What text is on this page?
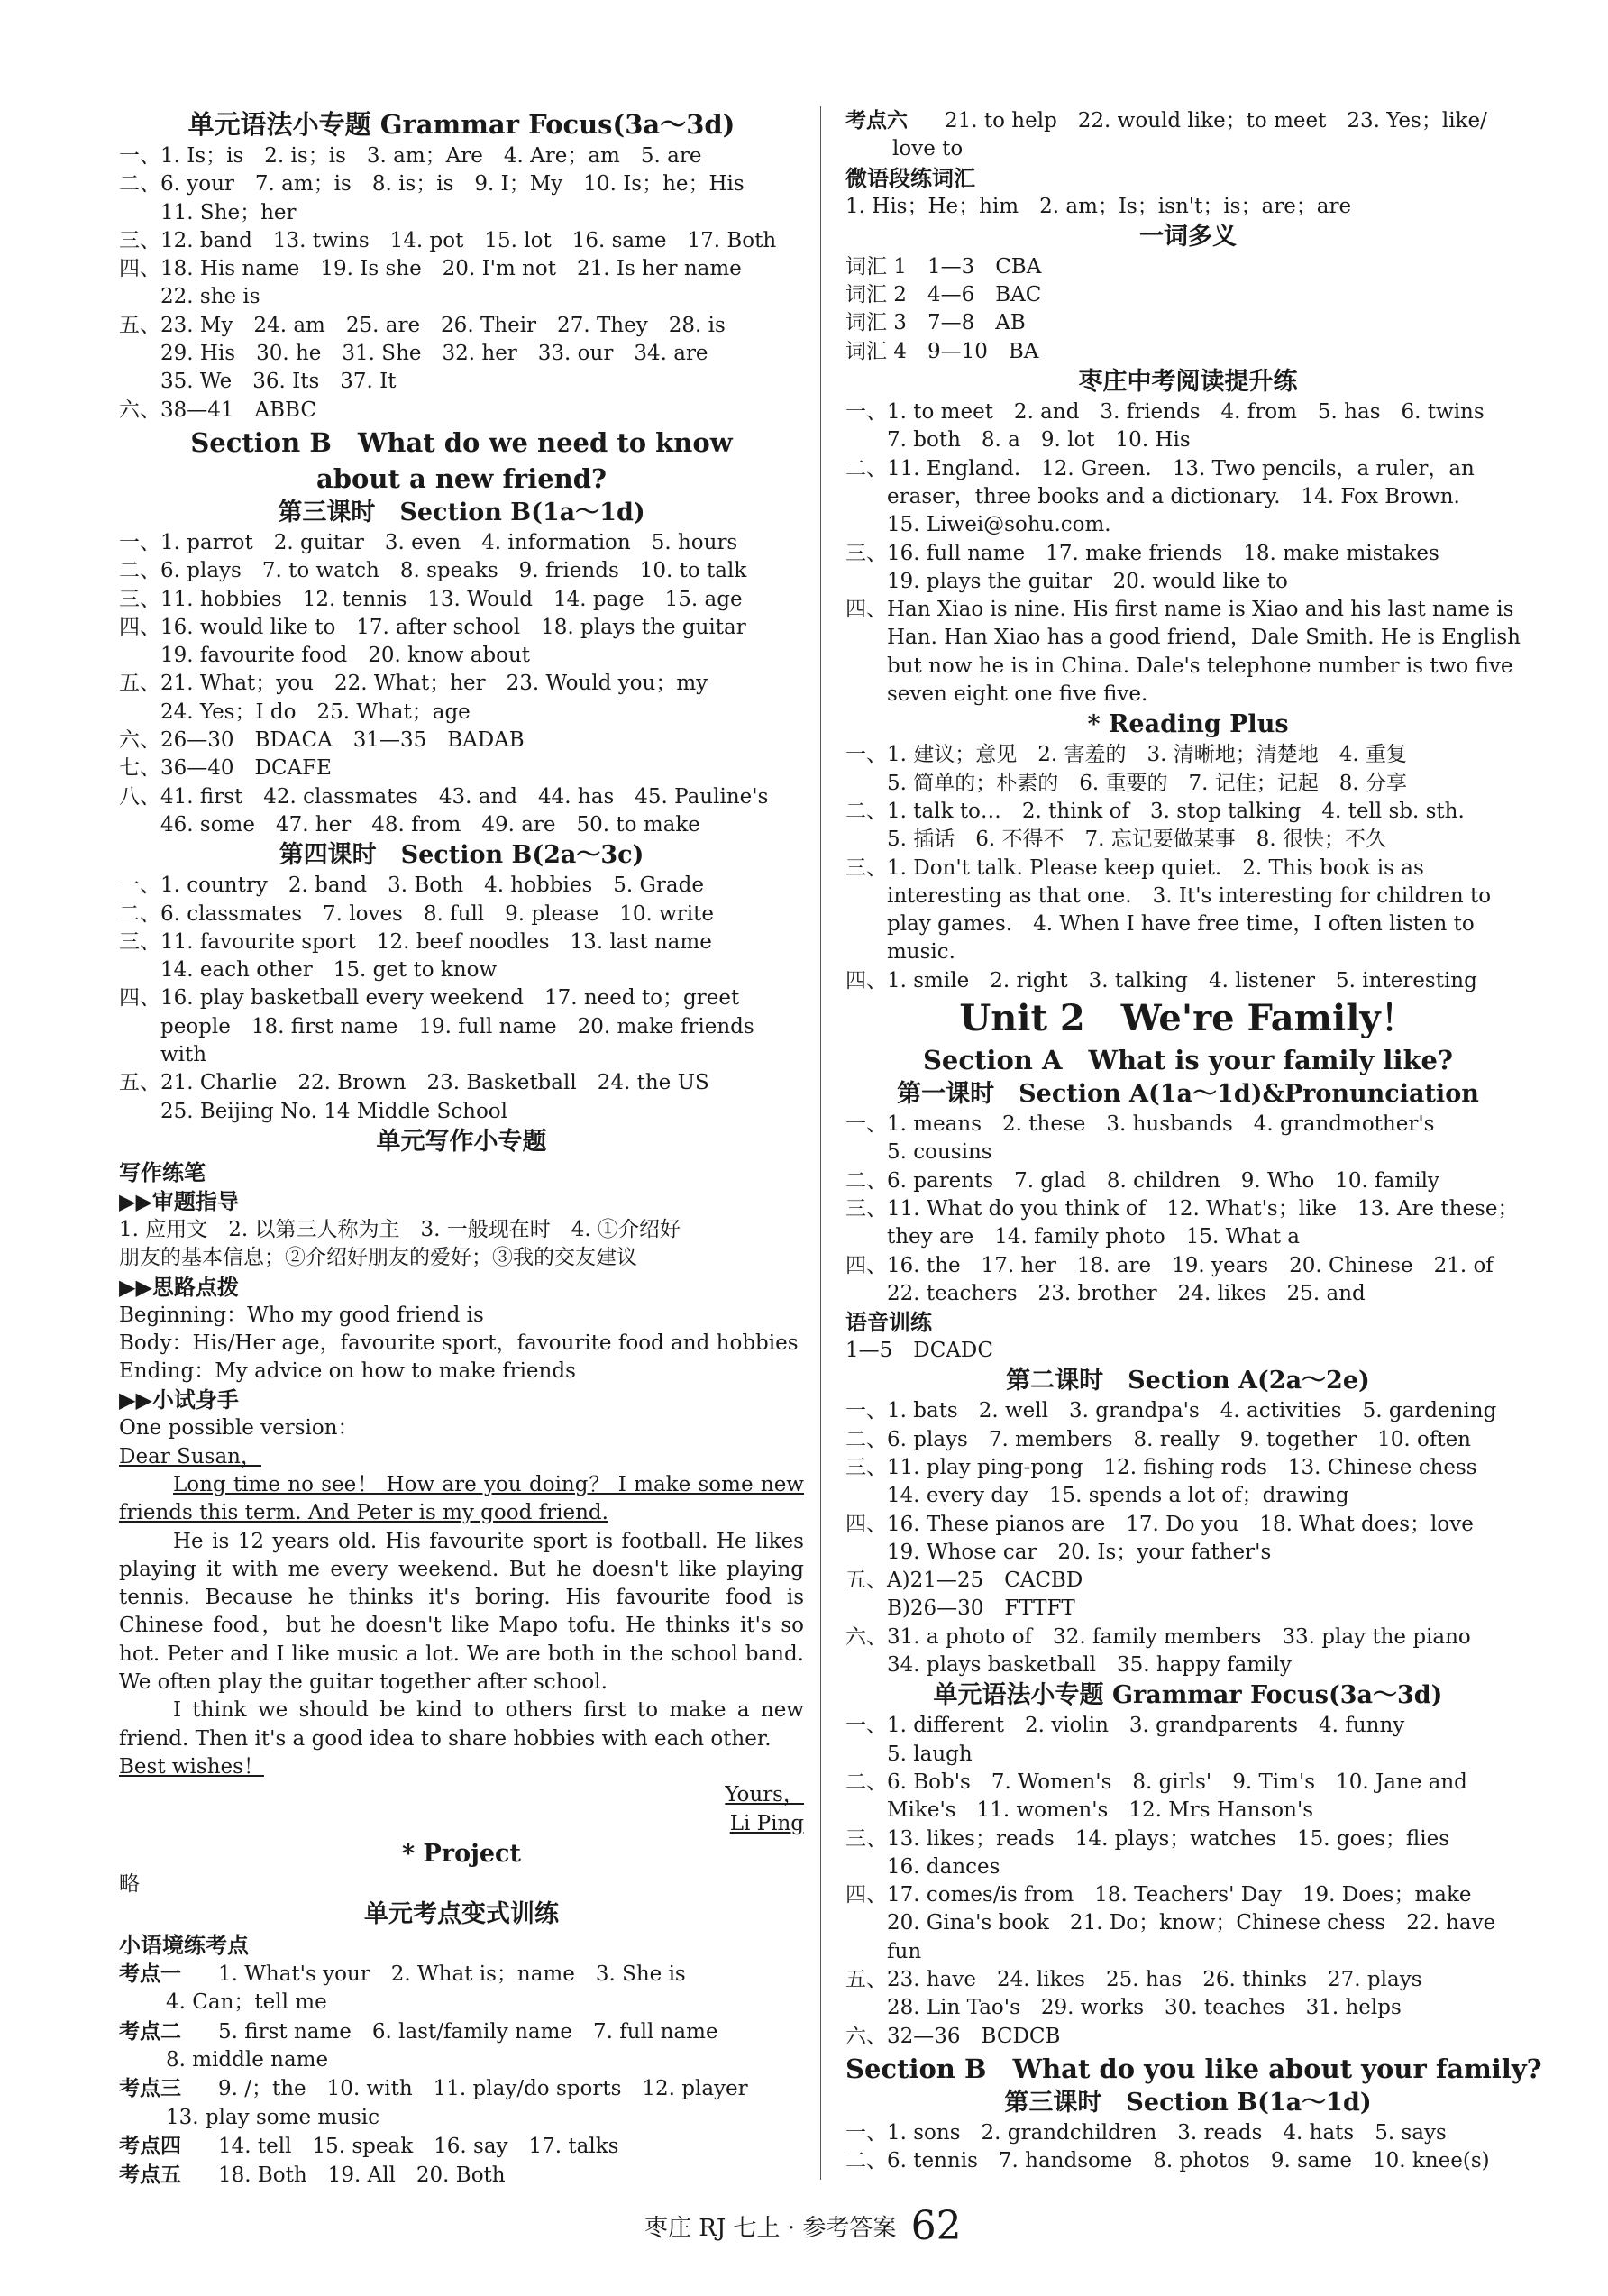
单元语法小专题 Grammar Focus(3a～3d)
一、1. Is；is　2. is；is　3. am；Are　4. Are；am　5. are
二、6. your　7. am；is　8. is；is　9. I；My　10. Is；he；His
11. She；her
三、12. band　13. twins　14. pot　15. lot　16. same　17. Both
四、18. His name　19. Is she　20. I'm not　21. Is her name
22. she is
五、23. My　24. am　25. are　26. Their　27. They　28. is
29. His　30. he　31. She　32. her　33. our　34. are
35. We　36. Its　37. It
六、38—41　ABBC
Section B　What do we need to know
about a new friend?
第三课时　Section B(1a～1d)
一、1. parrot　2. guitar　3. even　4. information　5. hours
二、6. plays　7. to watch　8. speaks　9. friends　10. to talk
三、11. hobbies　12. tennis　13. Would　14. page　15. age
四、16. would like to　17. after school　18. plays the guitar
19. favourite food　20. know about
五、21. What；you　22. What；her　23. Would you；my
24. Yes；I do　25. What；age
六、26—30　BDACA　31—35　BADAB
七、36—40　DCAFE
八、41. first　42. classmates　43. and　44. has　45. Pauline's
46. some　47. her　48. from　49. are　50. to make
第四课时　Section B(2a～3c)
一、1. country　2. band　3. Both　4. hobbies　5. Grade
二、6. classmates　7. loves　8. full　9. please　10. write
三、11. favourite sport　12. beef noodles　13. last name
14. each other　15. get to know
四、16. play basketball every weekend　17. need to；greet
people　18. first name　19. full name　20. make friends
with
五、21. Charlie　22. Brown　23. Basketball　24. the US
25. Beijing No. 14 Middle School
单元写作小专题
写作练笔
▶▶审题指导
1. 应用文　2. 以第三人称为主　3. 一般现在时　4. ①介绍好
朋友的基本信息；②介绍好朋友的爱好；③我的交友建议
▶▶思路点拨
Beginning：Who my good friend is
Body：His/Her age，favourite sport，favourite food and hobbies
Ending：My advice on how to make friends
▶▶小试身手
One possible version：
Dear Susan，
Long time no see！ How are you doing？ I make some new friends this term. And Peter is my good friend.
He is 12 years old. His favourite sport is football. He likes playing it with me every weekend. But he doesn't like playing tennis. Because he thinks it's boring. His favourite food is Chinese food，but he doesn't like Mapo tofu. He thinks it's so hot. Peter and I like music a lot. We are both in the school band. We often play the guitar together after school.
I think we should be kind to others first to make a new friend. Then it's a good idea to share hobbies with each other.
Best wishes！
Yours，
Li Ping
* Project
略
单元考点变式训练
小语境练考点
考点一 1. What's your　2. What is；name　3. She is
4. Can；tell me
考点二 5. first name　6. last/family name　7. full name
8. middle name
考点三 9. /；the　10. with　11. play/do sports　12. player
13. play some music
考点四 14. tell　15. speak　16. say　17. talks
考点五 18. Both　19. All　20. Both
考点六 21. to help　22. would like；to meet　23. Yes；like/
love to
微语段练词汇
1. His；He；him　2. am；Is；isn't；is；are；are
一词多义
词汇 1　1—3　CBA
词汇 2　4—6　BAC
词汇 3　7—8　AB
词汇 4　9—10　BA
枣庄中考阅读提升练
一、1. to meet　2. and　3. friends　4. from　5. has　6. twins
7. both　8. a　9. lot　10. His
二、11. England.　12. Green.　13. Two pencils，a ruler，an
eraser，three books and a dictionary.　14. Fox Brown.
15. Liwei@sohu.com.
三、16. full name　17. make friends　18. make mistakes
19. plays the guitar　20. would like to
四、Han Xiao is nine. His first name is Xiao and his last name is
Han. Han Xiao has a good friend，Dale Smith. He is English
but now he is in China. Dale's telephone number is two five
seven eight one five five.
* Reading Plus
一、1. 建议；意见　2. 害羞的　3. 清晰地；清楚地　4. 重复
5. 简单的；朴素的　6. 重要的　7. 记住；记起　8. 分享
二、1. talk to…　2. think of　3. stop talking　4. tell sb. sth.
5. 插话　6. 不得不　7. 忘记要做某事　8. 很快；不久
三、1. Don't talk. Please keep quiet.　2. This book is as
interesting as that one.　3. It's interesting for children to
play games.　4. When I have free time，I often listen to
music.
四、1. smile　2. right　3. talking　4. listener　5. interesting
Unit 2　We're Family！
Section A　What is your family like?
第一课时　Section A(1a～1d)&Pronunciation
一、1. means　2. these　3. husbands　4. grandmother's
5. cousins
二、6. parents　7. glad　8. children　9. Who　10. family
三、11. What do you think of　12. What's；like　13. Are these；
they are　14. family photo　15. What a
四、16. the　17. her　18. are　19. years　20. Chinese　21. of
22. teachers　23. brother　24. likes　25. and
语音训练
1—5　DCADC
第二课时　Section A(2a～2e)
一、1. bats　2. well　3. grandpa's　4. activities　5. gardening
二、6. plays　7. members　8. really　9. together　10. often
三、11. play ping-pong　12. fishing rods　13. Chinese chess
14. every day　15. spends a lot of；drawing
四、16. These pianos are　17. Do you　18. What does；love
19. Whose car　20. Is；your father's
五、A)21—25　CACBD
B)26—30　FTTFT
六、31. a photo of　32. family members　33. play the piano
34. plays basketball　35. happy family
单元语法小专题 Grammar Focus(3a～3d)
一、1. different　2. violin　3. grandparents　4. funny
5. laugh
二、6. Bob's　7. Women's　8. girls'　9. Tim's　10. Jane and
Mike's　11. women's　12. Mrs Hanson's
三、13. likes；reads　14. plays；watches　15. goes；flies
16. dances
四、17. comes/is from　18. Teachers' Day　19. Does；make
20. Gina's book　21. Do；know；Chinese chess　22. have
fun
五、23. have　24. likes　25. has　26. thinks　27. plays
28. Lin Tao's　29. works　30. teaches　31. helps
六、32—36　BCDCB
Section B　What do you like about your family?
第三课时　Section B(1a～1d)
一、1. sons　2. grandchildren　3. reads　4. hats　5. says
二、6. tennis　7. handsome　8. photos　9. same　10. knee(s)
枣庄 RJ 七上 · 参考答案 62
